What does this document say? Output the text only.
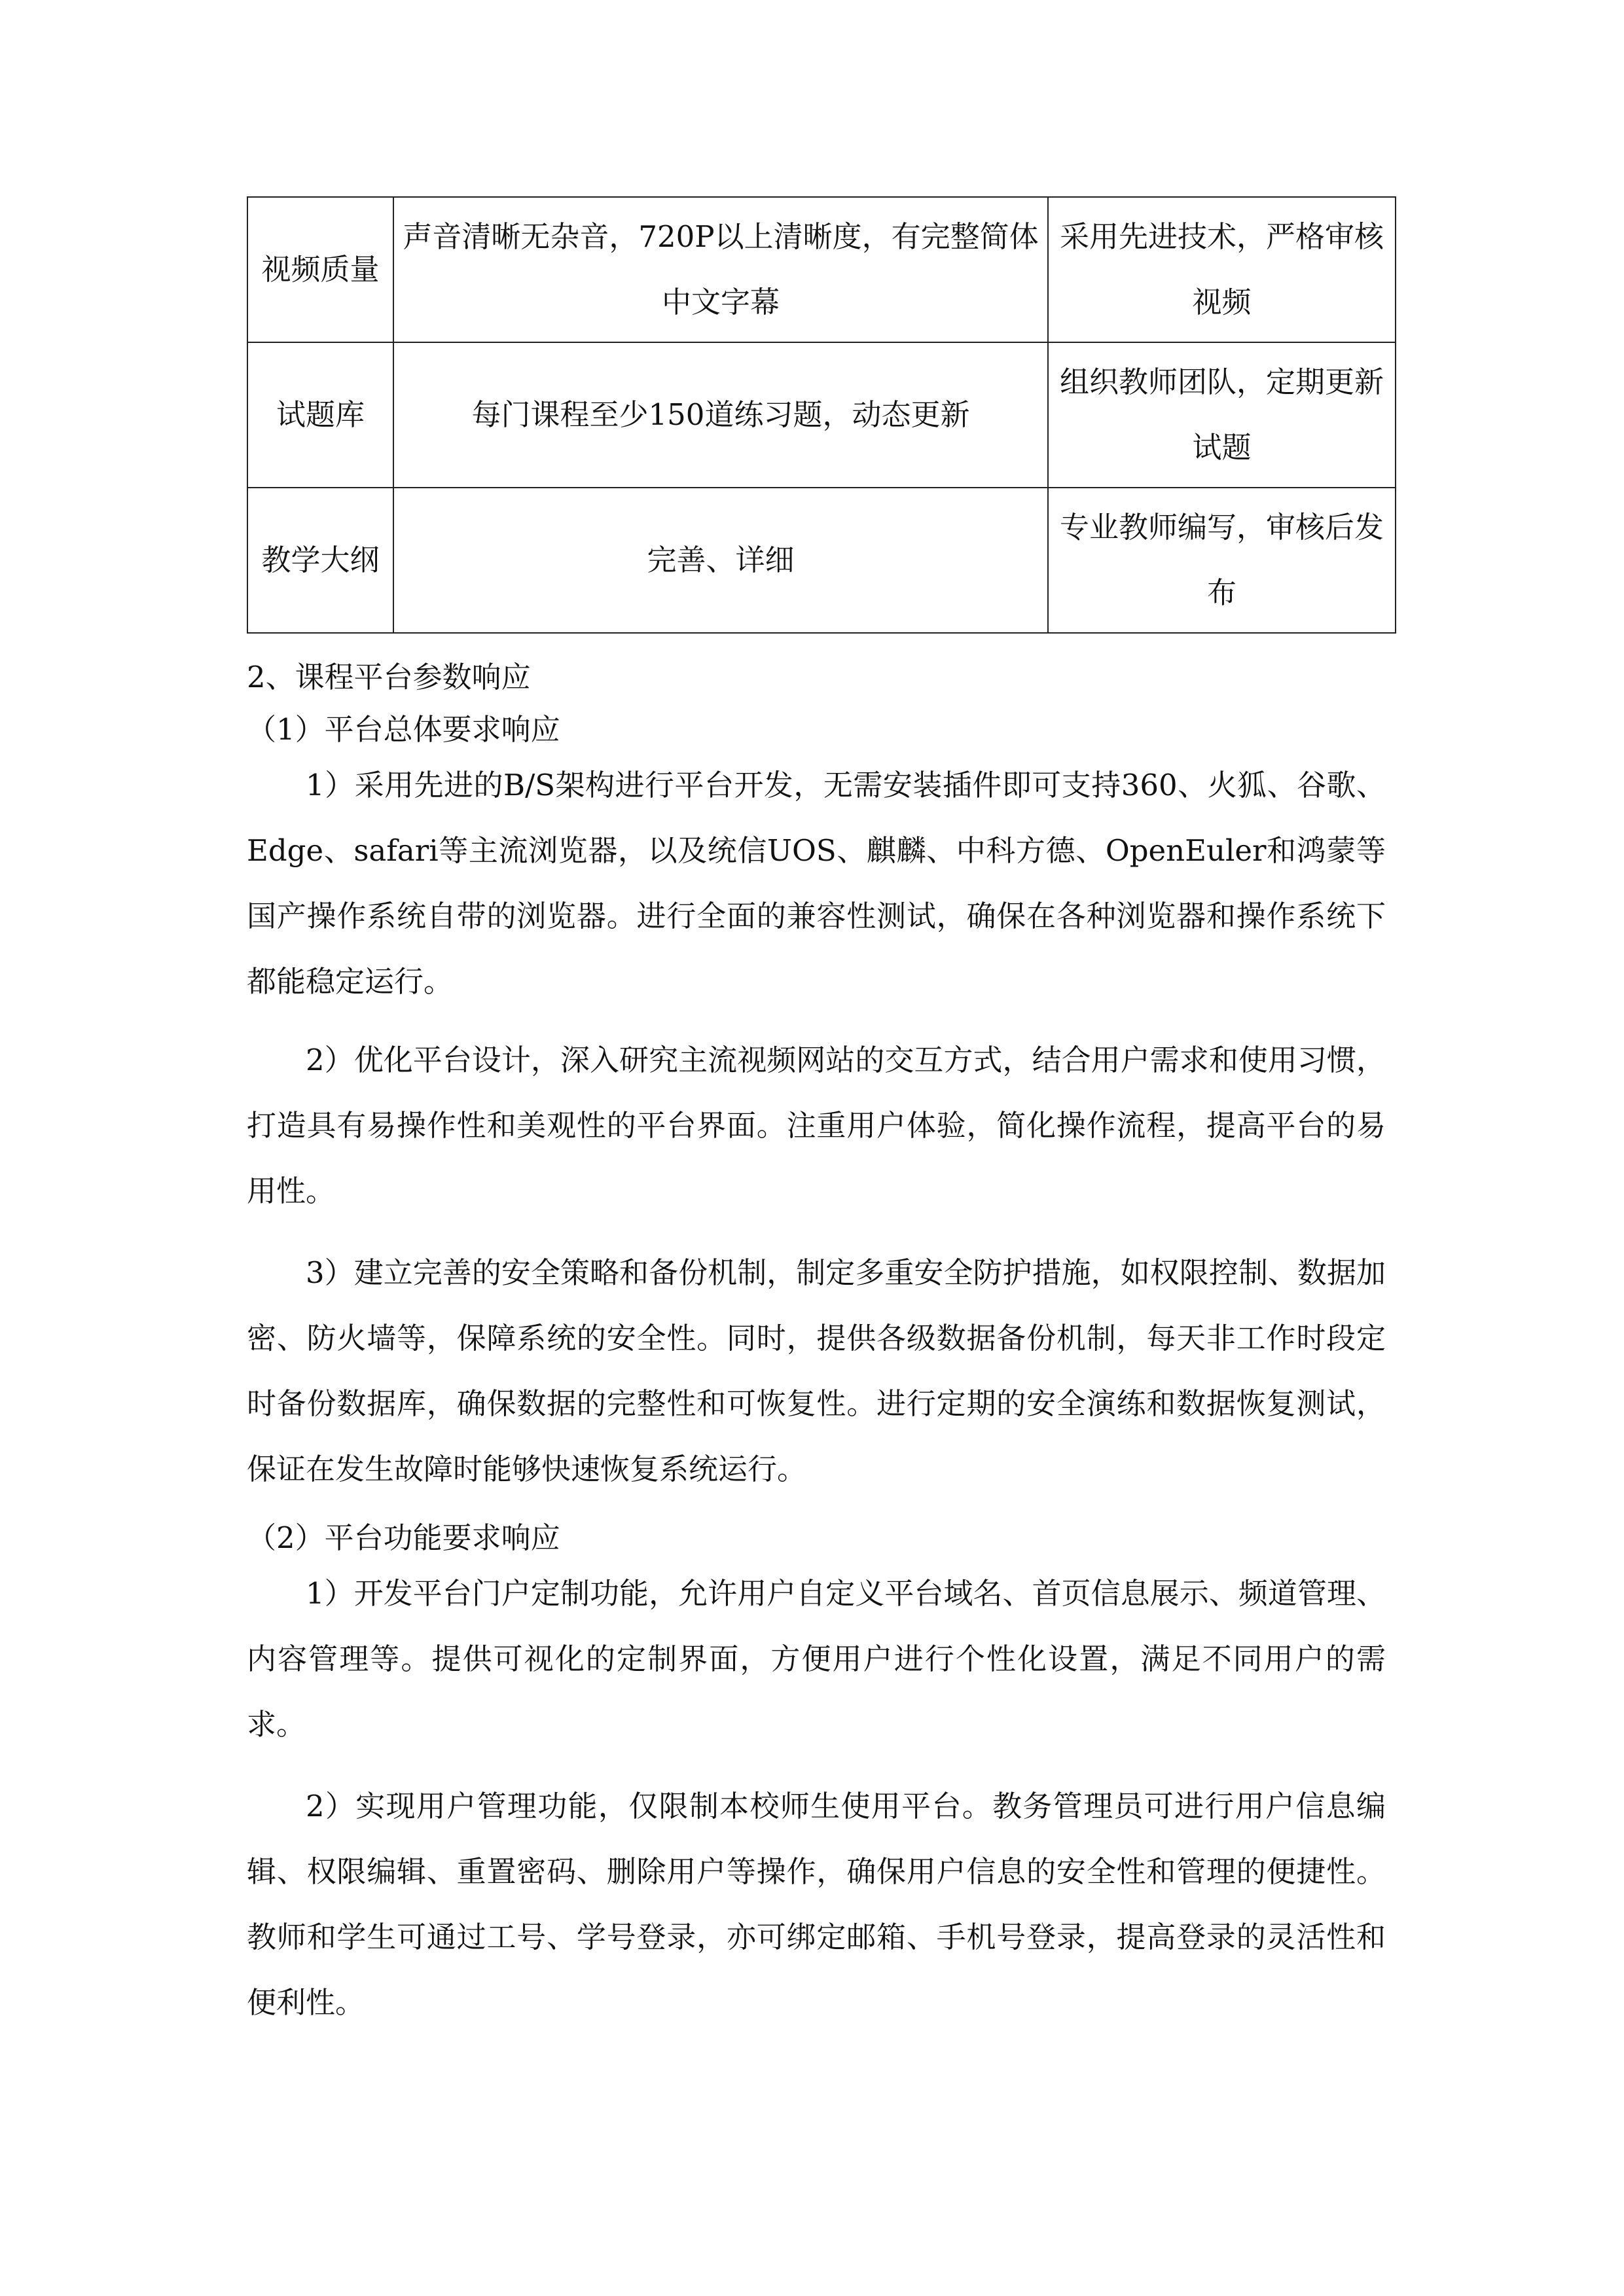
视频质量	声音清晰无杂音，720P以上清晰度，有完整简体中文字幕	采用先进技术，严格审核视频
试题库	每门课程至少150道练习题，动态更新	组织教师团队，定期更新试题
教学大纲	完善、详细	专业教师编写，审核后发布
2、课程平台参数响应
（1）平台总体要求响应
1）采用先进的B/S架构进行平台开发，无需安装插件即可支持360、火狐、谷歌、Edge、safari等主流浏览器，以及统信UOS、麒麟、中科方德、OpenEuler和鸿蒙等国产操作系统自带的浏览器。进行全面的兼容性测试，确保在各种浏览器和操作系统下都能稳定运行。
2）优化平台设计，深入研究主流视频网站的交互方式，结合用户需求和使用习惯，打造具有易操作性和美观性的平台界面。注重用户体验，简化操作流程，提高平台的易用性。
3）建立完善的安全策略和备份机制，制定多重安全防护措施，如权限控制、数据加密、防火墙等，保障系统的安全性。同时，提供各级数据备份机制，每天非工作时段定时备份数据库，确保数据的完整性和可恢复性。进行定期的安全演练和数据恢复测试，保证在发生故障时能够快速恢复系统运行。
（2）平台功能要求响应
1）开发平台门户定制功能，允许用户自定义平台域名、首页信息展示、频道管理、内容管理等。提供可视化的定制界面，方便用户进行个性化设置，满足不同用户的需求。
2）实现用户管理功能，仅限制本校师生使用平台。教务管理员可进行用户信息编辑、权限编辑、重置密码、删除用户等操作，确保用户信息的安全性和管理的便捷性。教师和学生可通过工号、学号登录，亦可绑定邮箱、手机号登录，提高登录的灵活性和便利性。
